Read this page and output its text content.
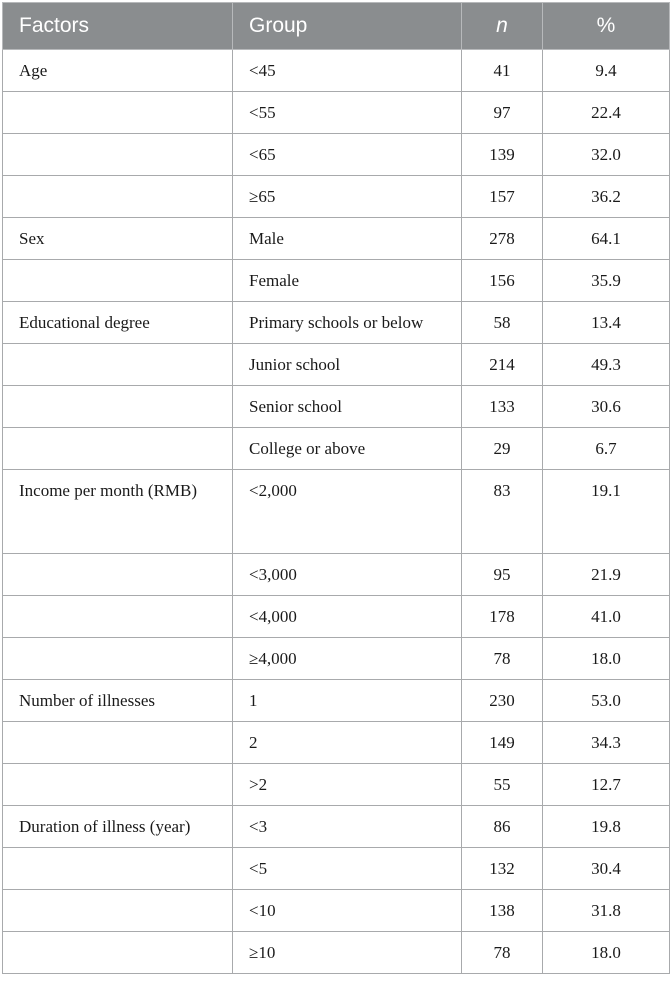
Factors	Group	n	%
Age	<45	41	9.4
	<55	97	22.4
	<65	139	32.0
	≥65	157	36.2
Sex	Male	278	64.1
	Female	156	35.9
Educational degree	Primary schools or below	58	13.4
	Junior school	214	49.3
	Senior school	133	30.6
	College or above	29	6.7
Income per month (RMB)	<2,000	83	19.1
	<3,000	95	21.9
	<4,000	178	41.0
	≥4,000	78	18.0
Number of illnesses	1	230	53.0
	2	149	34.3
	>2	55	12.7
Duration of illness (year)	<3	86	19.8
	<5	132	30.4
	<10	138	31.8
	≥10	78	18.0
